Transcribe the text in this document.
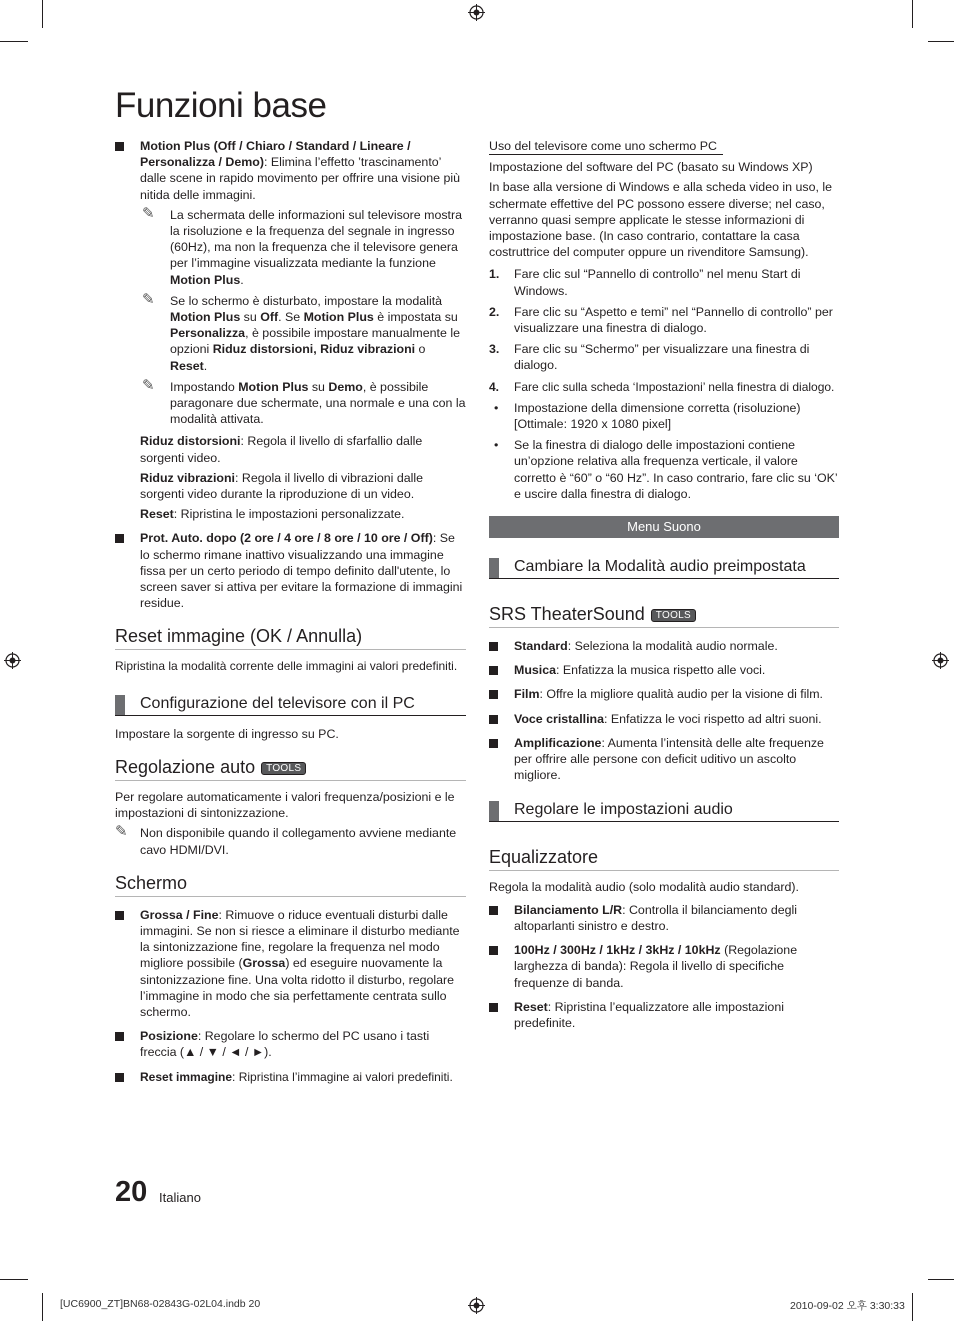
Funzioni base
Motion Plus (Off / Chiaro / Standard / Lineare / Personalizza / Demo): Elimina l’effetto ’trascinamento’ dalle scene in rapido movimento per offrire una visione più nitida delle immagini.
✎ La schermata delle informazioni sul televisore mostra la risoluzione e la frequenza del segnale in ingresso (60Hz), ma non la frequenza che il televisore genera per l’immagine visualizzata mediante la funzione Motion Plus.
✎ Se lo schermo è disturbato, impostare la modalità Motion Plus su Off. Se Motion Plus è impostata su Personalizza, è possibile impostare manualmente le opzioni Riduz distorsioni, Riduz vibrazioni o Reset.
✎ Impostando Motion Plus su Demo, è possibile paragonare due schermate, una normale e una con la modalità attivata.

Riduz distorsioni: Regola il livello di sfarfallio dalle sorgenti video.

Riduz vibrazioni: Regola il livello di vibrazioni dalle sorgenti video durante la riproduzione di un video.

Reset: Ripristina le impostazioni personalizzate.

Prot. Auto. dopo (2 ore / 4 ore / 8 ore / 10 ore / Off): Se lo schermo rimane inattivo visualizzando una immagine fissa per un certo periodo di tempo definito dall'utente, lo screen saver si attiva per evitare la formazione di immagini residue.
Reset immagine (OK / Annulla)

Ripristina la modalità corrente delle immagini ai valori predefiniti.

Configurazione del televisore con il PC

Impostare la sorgente di ingresso su PC.

Regolazione auto TOOLS

Per regolare automaticamente i valori frequenza/posizioni e le impostazioni di sintonizzazione.

✎ Non disponibile quando il collegamento avviene mediante cavo HDMI/DVI.
Schermo
Grossa / Fine: Rimuove o riduce eventuali disturbi dalle immagini. Se non si riesce a eliminare il disturbo mediante la sintonizzazione fine, regolare la frequenza nel modo migliore possibile (Grossa) ed eseguire nuovamente la sintonizzazione fine. Una volta ridotto il disturbo, regolare l’immagine in modo che sia perfettamente centrata sullo schermo.
Posizione: Regolare lo schermo del PC usano i tasti freccia (▲ / ▼ / ◄ / ►).
Reset immagine: Ripristina l’immagine ai valori predefiniti.

Uso del televisore come uno schermo PC

Impostazione del software del PC (basato su Windows XP)

In base alla versione di Windows e alla scheda video in uso, le schermate effettive del PC possono essere diverse; nel caso, verranno quasi sempre applicate le stesse informazioni di impostazione base. (In caso contrario, contattare la casa costruttrice del computer oppure un rivenditore Samsung).

1. Fare clic sul “Pannello di controllo” nel menu Start di Windows.
2. Fare clic su “Aspetto e temi” nel “Pannello di controllo” per visualizzare una finestra di dialogo.
3. Fare clic su “Schermo” per visualizzare una finestra di dialogo.
4. Fare clic sulla scheda ‘Impostazioni’ nella finestra di dialogo.
• Impostazione della dimensione corretta (risoluzione) [Ottimale: 1920 x 1080 pixel]
• Se la finestra di dialogo delle impostazioni contiene un’opzione relativa alla frequenza verticale, il valore corretto è “60” o “60 Hz”. In caso contrario, fare clic su ‘OK’ e uscire dalla finestra di dialogo.
Menu Suono
Cambiare la Modalità audio preimpostata
SRS TheaterSound TOOLS
Standard: Seleziona la modalità audio normale.
Musica: Enfatizza la musica rispetto alle voci.
Film: Offre la migliore qualità audio per la visione di film.
Voce cristallina: Enfatizza le voci rispetto ad altri suoni.
Amplificazione: Aumenta l’intensità delle alte frequenze per offrire alle persone con deficit uditivo un ascolto migliore.
Regolare le impostazioni audio
Equalizzatore

Regola la modalità audio (solo modalità audio standard).

Bilanciamento L/R: Controlla il bilanciamento degli altoparlanti sinistro e destro.
100Hz / 300Hz / 1kHz / 3kHz / 10kHz (Regolazione larghezza di banda): Regola il livello di specifiche frequenze di banda.
Reset: Ripristina l’equalizzatore alle impostazioni predefinite.
20 Italiano
[UC6900_ZT]BN68-02843G-02L04.indb 20	2010-09-02 오후 3:30:33
